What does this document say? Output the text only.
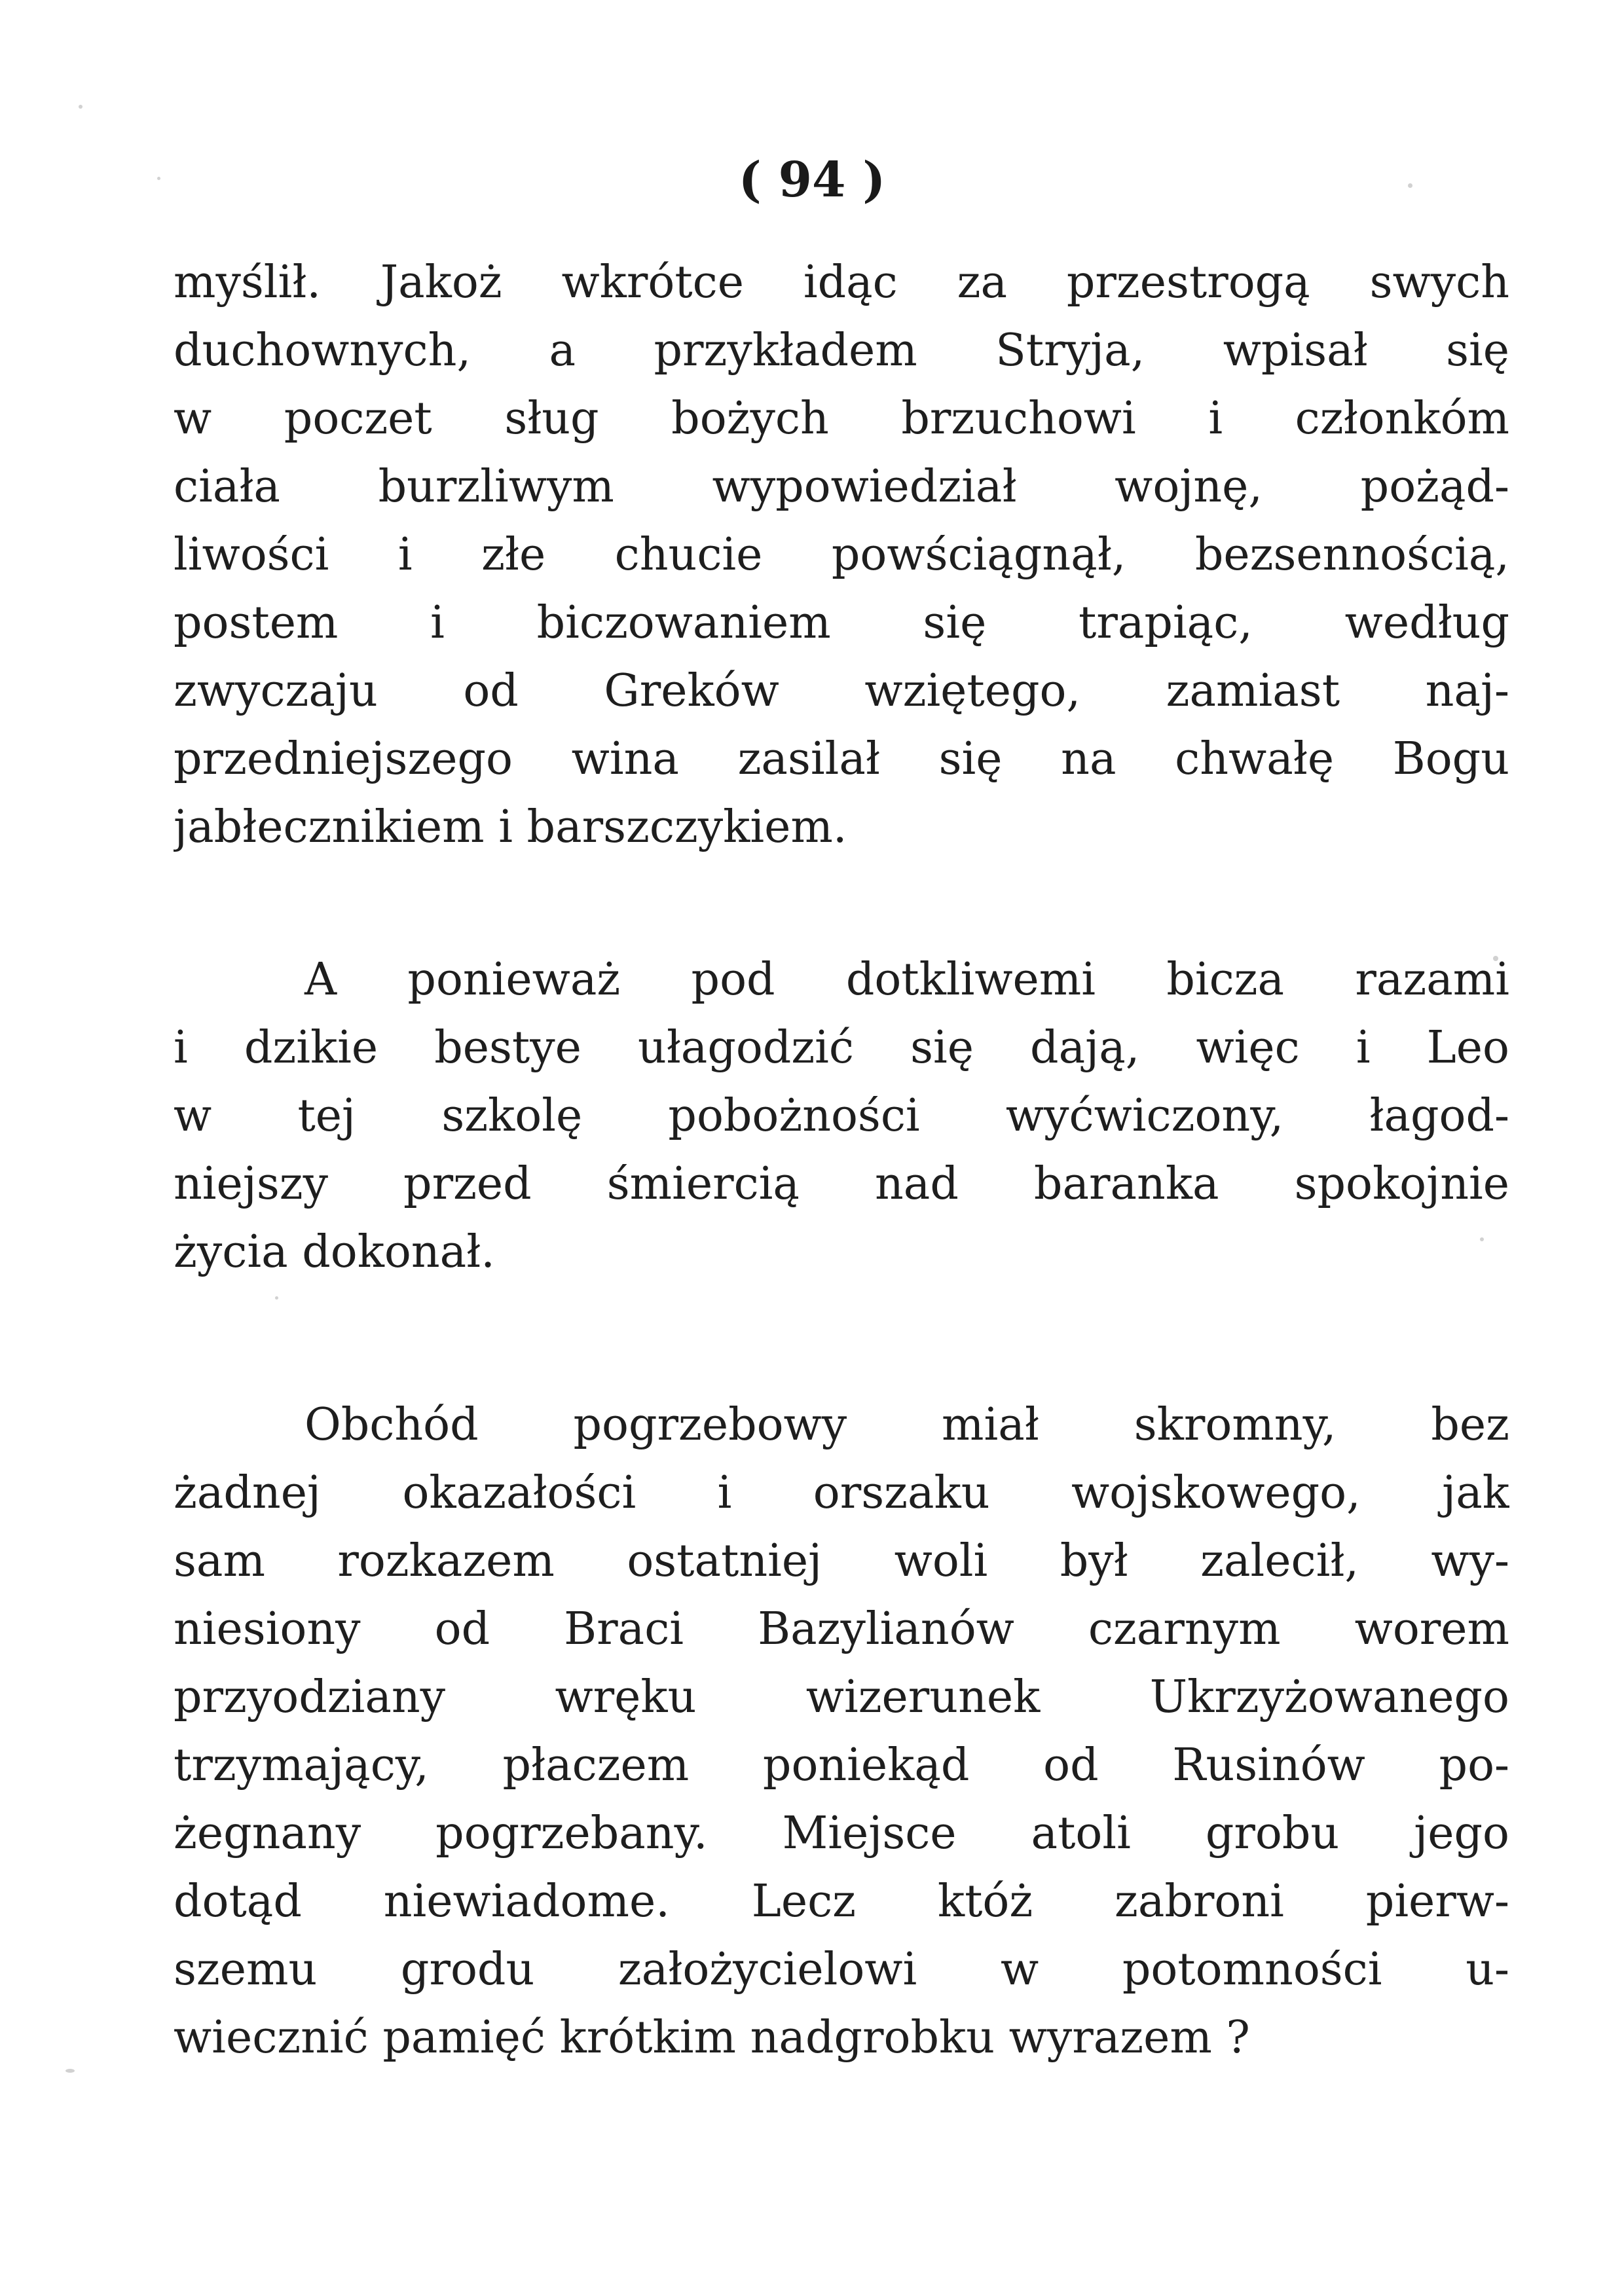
( 94 )
myślił. Jakoż wkrótce idąc za przestrogą swych
duchownych, a przykładem Stryja, wpisał się
w poczet sług bożych brzuchowi i członkóm
ciała burzliwym wypowiedział wojnę, pożąd-
liwości i złe chucie powściągnął, bezsennością,
postem i biczowaniem się trapiąc, według
zwyczaju od Greków wziętego, zamiast naj-
przedniejszego wina zasilał się na chwałę Bogu
jabłecznikiem i barszczykiem.
A ponieważ pod dotkliwemi bicza razami
i dzikie bestye ułagodzić się dają, więc i Leo
w tej szkolę pobożności wyćwiczony, łagod-
niejszy przed śmiercią nad baranka spokojnie
życia dokonał.
Obchód pogrzebowy miał skromny, bez
żadnej okazałości i orszaku wojskowego, jak
sam rozkazem ostatniej woli był zalecił, wy-
niesiony od Braci Bazylianów czarnym worem
przyodziany wręku wizerunek Ukrzyżowanego
trzymający, płaczem poniekąd od Rusinów po-
żegnany pogrzebany. Miejsce atoli grobu jego
dotąd niewiadome. Lecz któż zabroni pierw-
szemu grodu założycielowi w potomności u-
wiecznić pamięć krótkim nadgrobku wyrazem ?
